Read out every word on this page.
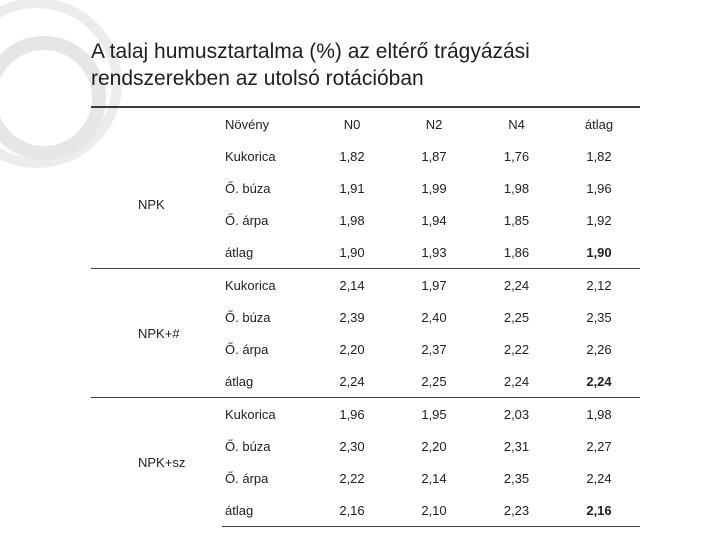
A talaj humusztartalma (%) az eltérő trágyázási
rendszerekben az utolsó rotációban
	Növény	N0	N2	N4	átlag
NPK	Kukorica	1,82	1,87	1,76	1,82
	Ő. búza	1,91	1,99	1,98	1,96
	Ő. árpa	1,98	1,94	1,85	1,92
	átlag	1,90	1,93	1,86	1,90
NPK+#	Kukorica	2,14	1,97	2,24	2,12
	Ő. búza	2,39	2,40	2,25	2,35
	Ő. árpa	2,20	2,37	2,22	2,26
	átlag	2,24	2,25	2,24	2,24
NPK+sz	Kukorica	1,96	1,95	2,03	1,98
	Ő. búza	2,30	2,20	2,31	2,27
	Ő. árpa	2,22	2,14	2,35	2,24
	átlag	2,16	2,10	2,23	2,16
